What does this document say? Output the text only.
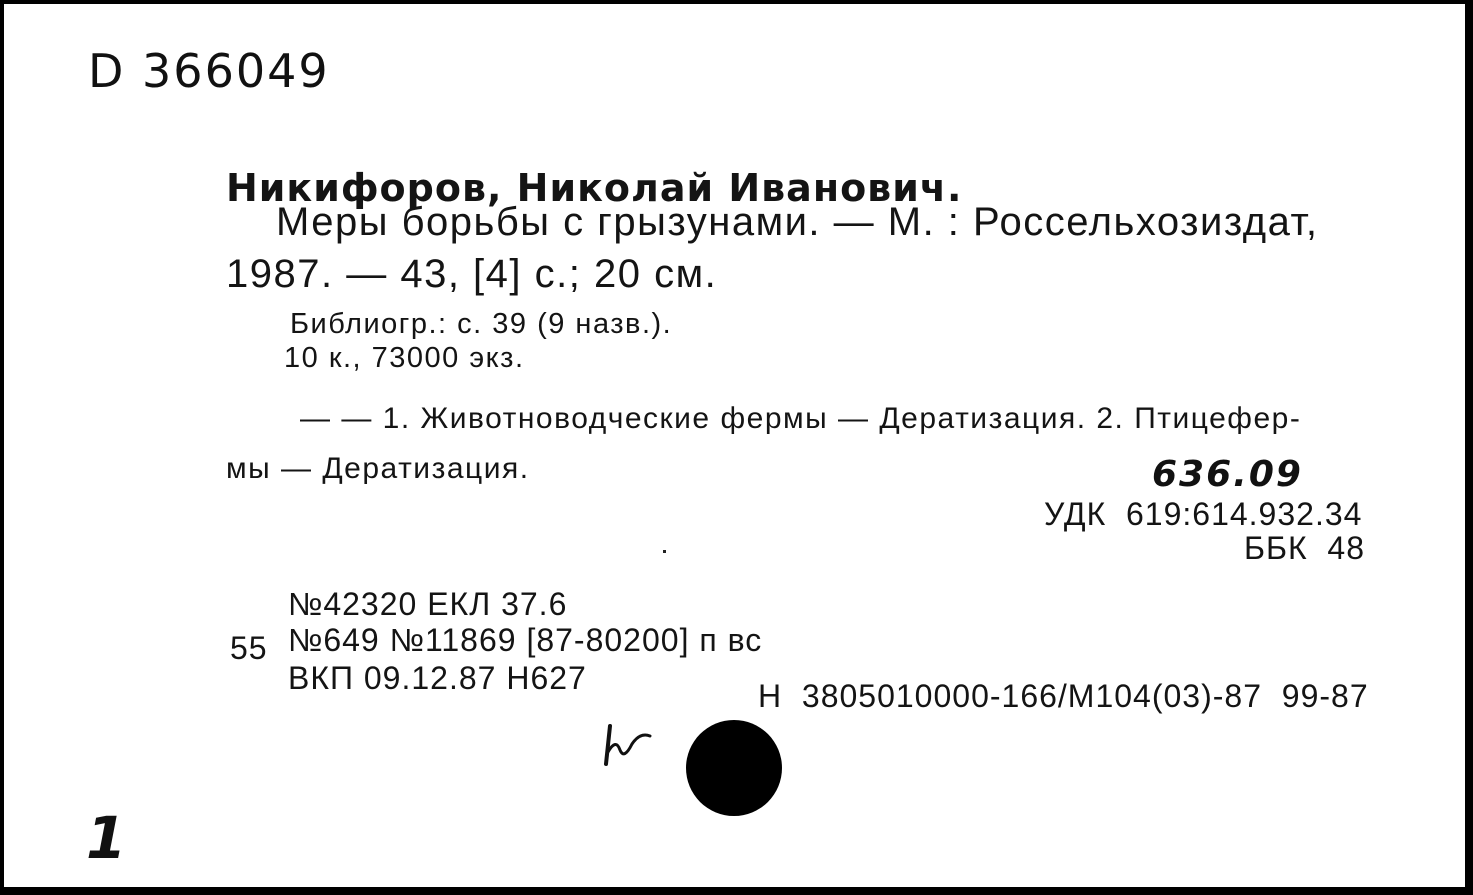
D 366049
Никифоров, Николай Иванович.
Меры борьбы с грызунами. — М. : Россельхозиздат,
1987. — 43, [4] с.; 20 см.
Библиогр.: с. 39 (9 назв.).
10 к., 73000 экз.
— — 1. Животноводческие фермы — Дератизация. 2. Птицефер-
мы — Дератизация.	636.09
УДК  619:614.932.34
ББК  48
№42320 ЕКЛ 37.6
55 №649 №11869 [87-80200] п вс
ВКП 09.12.87 Н627	Н  3805010000-166/М104(03)-87  99-87
1
